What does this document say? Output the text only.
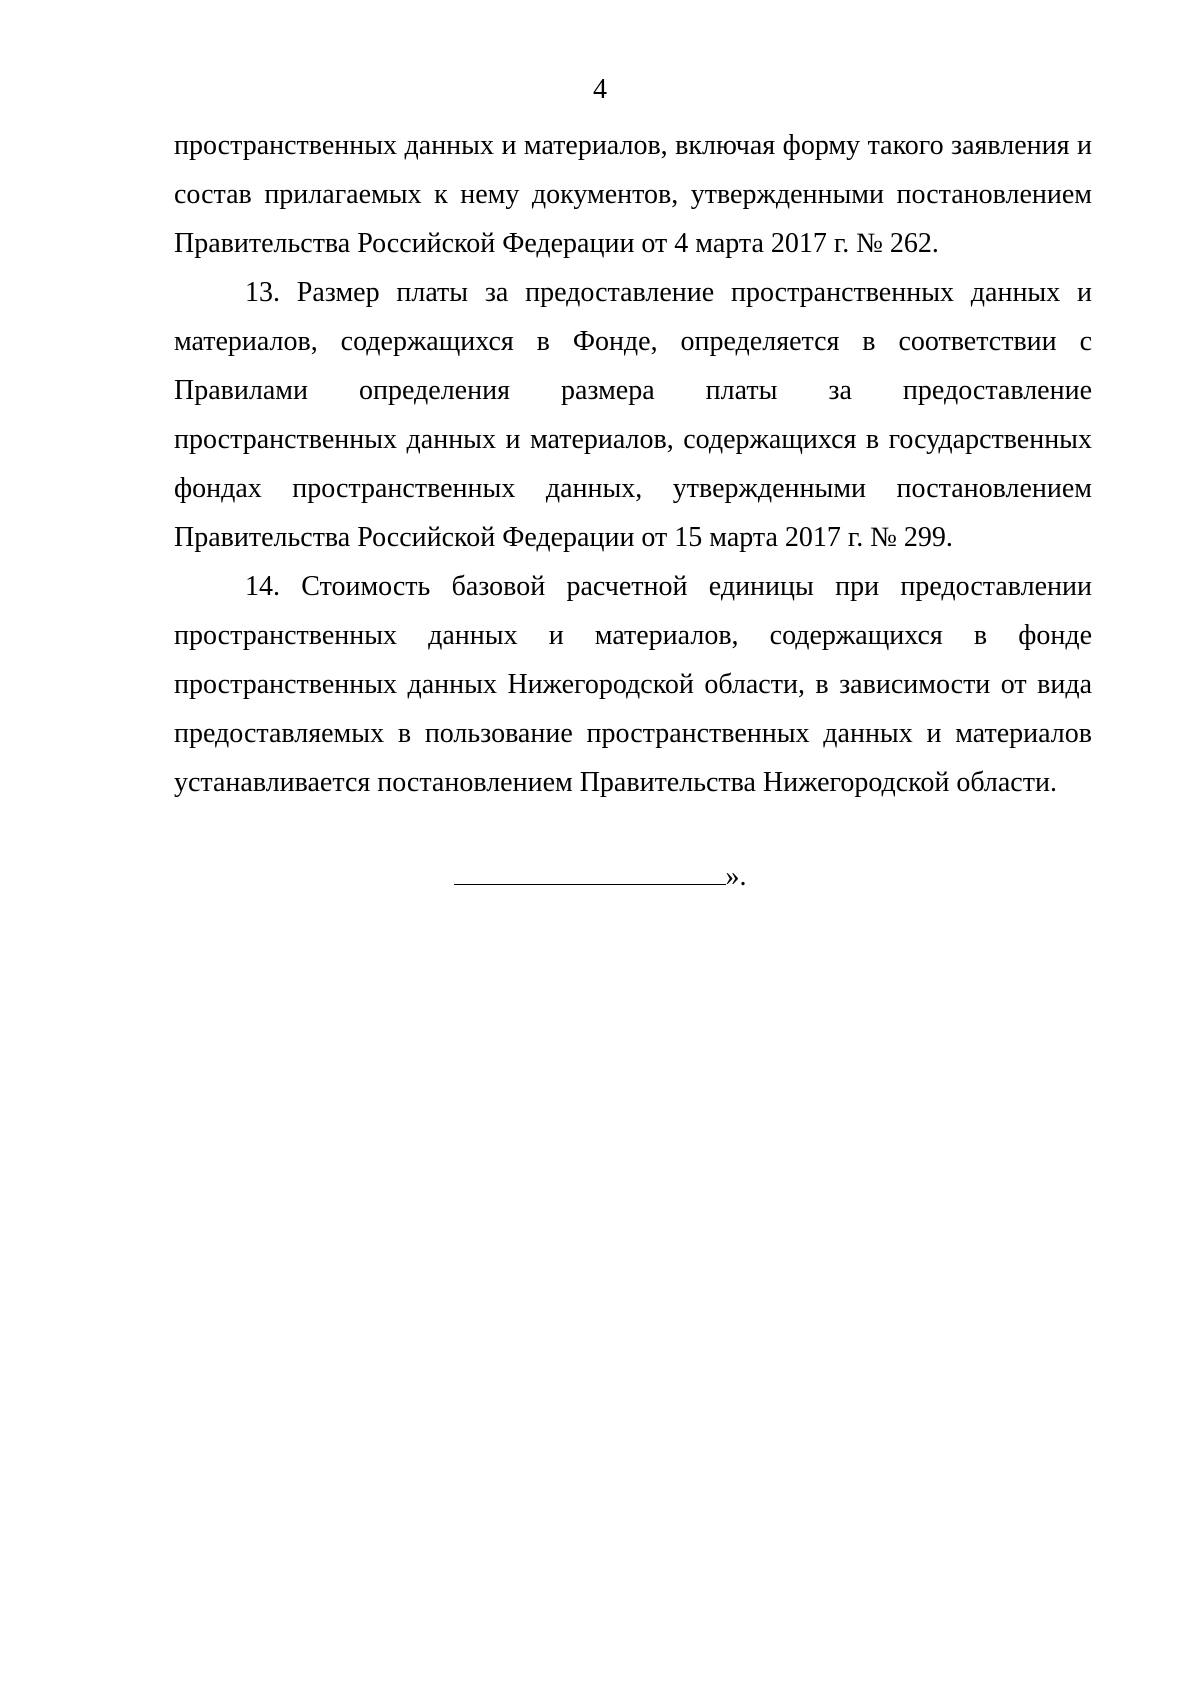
4

пространственных данных и материалов, включая форму такого заявления и состав прилагаемых к нему документов, утвержденными постановлением Правительства Российской Федерации от 4 марта 2017 г. № 262.

13. Размер платы за предоставление пространственных данных и материалов, содержащихся в Фонде, определяется в соответствии с Правилами определения размера платы за предоставление пространственных данных и материалов, содержащихся в государственных фондах пространственных данных, утвержденными постановлением Правительства Российской Федерации от 15 марта 2017 г. № 299.

14. Стоимость базовой расчетной единицы при предоставлении пространственных данных и материалов, содержащихся в фонде пространственных данных Нижегородской области, в зависимости от вида предоставляемых в пользование пространственных данных и материалов устанавливается постановлением Правительства Нижегородской области.

».
